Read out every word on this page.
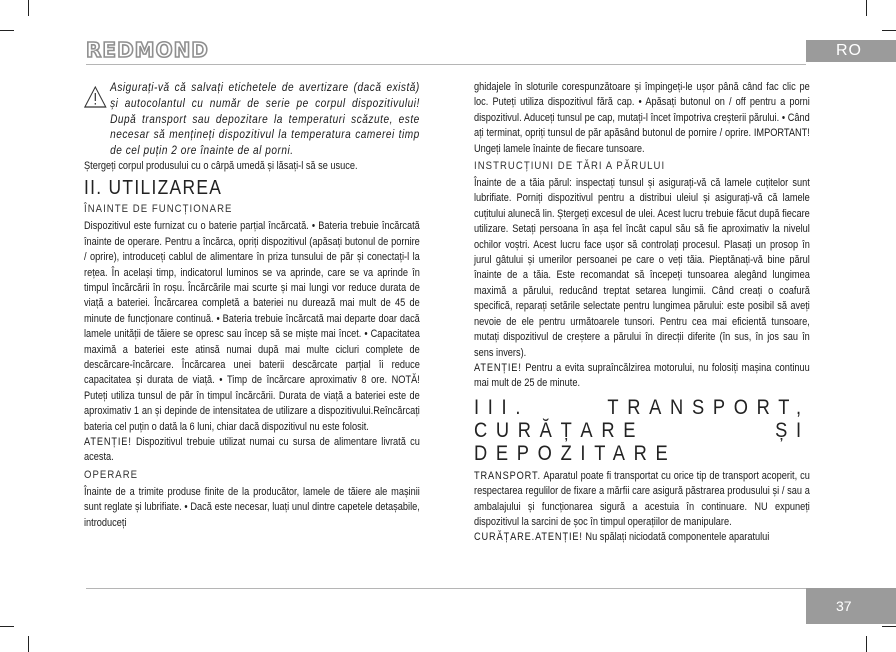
REDMOND	RO
Asigurați-vă că salvați etichetele de avertizare (dacă există) și autocolantul cu număr de serie pe corpul dispozitivului! După transport sau depozitare la temperaturi scăzute, este necesar să mențineți dispozitivul la temperatura camerei timp de cel puțin 2 ore înainte de al porni.

Ștergeți corpul produsului cu o cârpă umedă și lăsați-l să se usuce.

II. UTILIZAREA
ÎNAINTE DE FUNCȚIONARE

Dispozitivul este furnizat cu o baterie parțial încărcată. • Bateria trebuie încărcată înainte de operare. Pentru a încărca, opriți dispozitivul (apăsați butonul de pornire / oprire), introduceți cablul de alimentare în priza tunsului de păr și conectați-l la rețea. În același timp, indicatorul luminos se va aprinde, care se va aprinde în timpul încărcării în roșu. Încărcările mai scurte și mai lungi vor reduce durata de viață a bateriei. Încărcarea completă a bateriei nu durează mai mult de 45 de minute de funcționare continuă. • Bateria trebuie încărcată mai departe doar dacă lamele unității de tăiere se opresc sau încep să se miște mai încet. • Capacitatea maximă a bateriei este atinsă numai după mai multe cicluri complete de descărcare-încărcare. Încărcarea unei baterii descărcate parțial îi reduce capacitatea și durata de viață. • Timp de încărcare aproximativ 8 ore. NOTĂ! Puteți utiliza tunsul de păr în timpul încărcării. Durata de viață a bateriei este de aproximativ 1 an și depinde de intensitatea de utilizare a dispozitivului.Reîncărcați bateria cel puțin o dată la 6 luni, chiar dacă dispozitivul nu este folosit.

ATENȚIE! Dispozitivul trebuie utilizat numai cu sursa de alimentare livrată cu acesta.

OPERARE

Înainte de a trimite produse finite de la producător, lamele de tăiere ale mașinii sunt reglate și lubrifiate. • Dacă este necesar, luați unul dintre capetele detașabile, introduceți

ghidajele în sloturile corespunzătoare și împingeți-le ușor până când fac clic pe loc. Puteți utiliza dispozitivul fără cap. • Apăsați butonul on / off pentru a porni dispozitivul. Aduceți tunsul pe cap, mutați-l încet împotriva creșterii părului. • Când ați terminat, opriți tunsul de păr apăsând butonul de pornire / oprire. IMPORTANT! Ungeți lamele înainte de fiecare tunsoare.

INSTRUCȚIUNI DE TĂRI A PĂRULUI

Înainte de a tăia părul: inspectați tunsul și asigurați-vă că lamele cuțitelor sunt lubrifiate. Porniți dispozitivul pentru a distribui uleiul și asigurați-vă că lamele cuțitului alunecă lin. Ștergeți excesul de ulei. Acest lucru trebuie făcut după fiecare utilizare. Setați persoana în așa fel încât capul său să fie aproximativ la nivelul ochilor voștri. Acest lucru face ușor să controlați procesul. Plasați un prosop în jurul gâtului și umerilor persoanei pe care o veți tăia. Pieptănați-vă bine părul înainte de a tăia. Este recomandat să începeți tunsoarea alegând lungimea maximă a părului, reducând treptat setarea lungimii. Când creați o coafură specifică, reparați setările selectate pentru lungimea părului: este posibil să aveți nevoie de ele pentru următoarele tunsori. Pentru cea mai eficientă tunsoare, mutați dispozitivul de creștere a părului în direcții diferite (în sus, în jos sau în sens invers).

ATENȚIE! Pentru a evita supraîncălzirea motorului, nu folosiți mașina continuu mai mult de 25 de minute.

III. TRANSPORT, CURĂȚARE ȘI DEPOZITARE

TRANSPORT. Aparatul poate fi transportat cu orice tip de transport acoperit, cu respectarea regulilor de fixare a mărfii care asigură păstrarea produsului și / sau a ambalajului și funcționarea sigură a acestuia în continuare. NU expuneți dispozitivul la sarcini de șoc în timpul operațiilor de manipulare.

CURĂȚARE.ATENȚIE! Nu spălați niciodată componentele aparatului

37
